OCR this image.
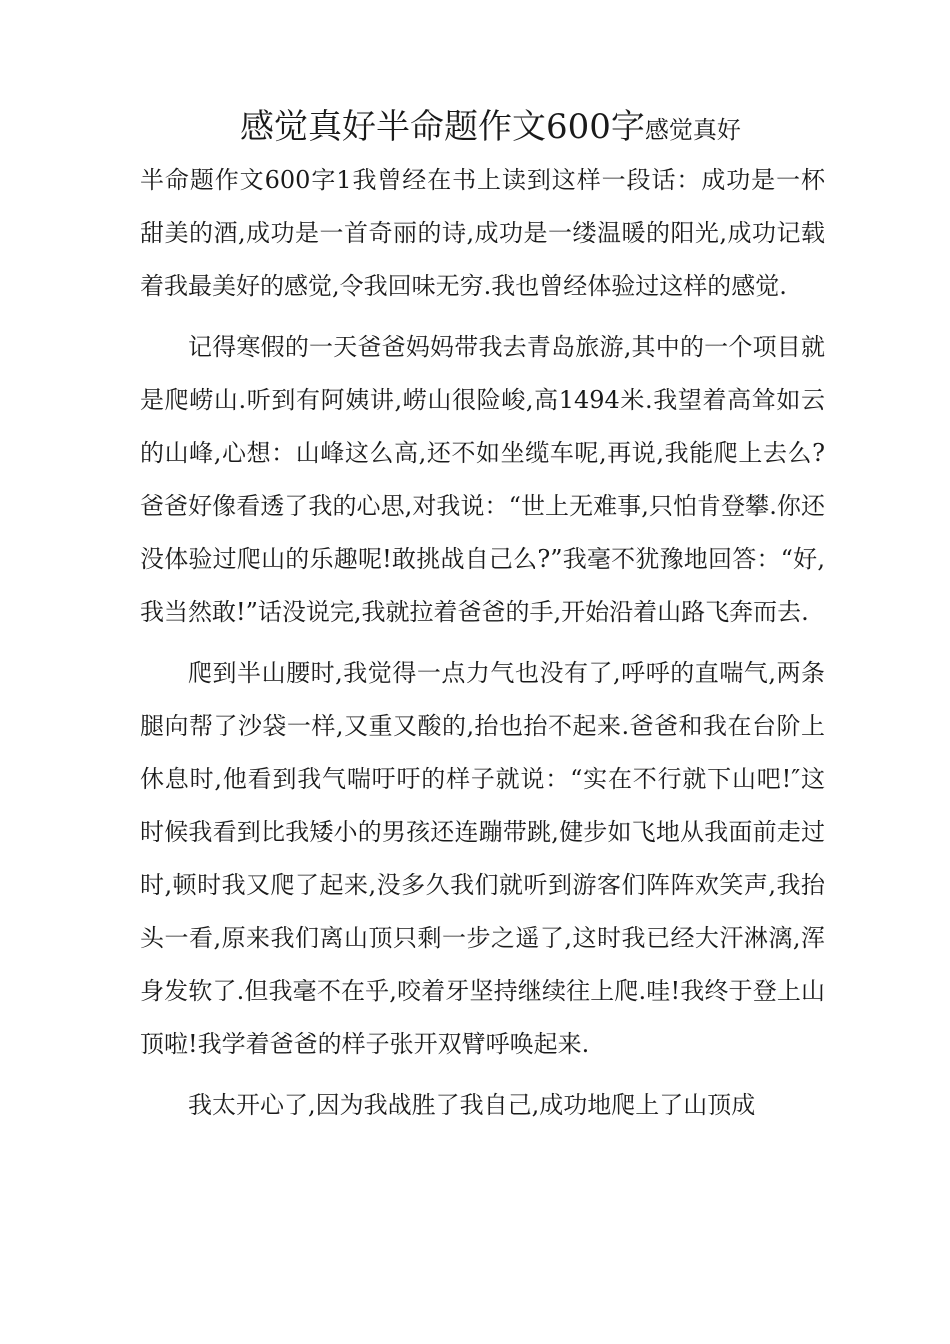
感觉真好半命题作文600字感觉真好

半命题作文600字1我曾经在书上读到这样一段话：成功是一杯甜美的酒,成功是一首奇丽的诗,成功是一缕温暖的阳光,成功记载着我最美好的感觉,令我回味无穷.我也曾经体验过这样的感觉.

记得寒假的一天爸爸妈妈带我去青岛旅游,其中的一个项目就是爬崂山.听到有阿姨讲,崂山很险峻,高1494米.我望着高耸如云的山峰,心想：山峰这么高,还不如坐缆车呢,再说,我能爬上去么?爸爸好像看透了我的心思,对我说：“世上无难事,只怕肯登攀.你还没体验过爬山的乐趣呢!敢挑战自己么?”我毫不犹豫地回答：“好,我当然敢!”话没说完,我就拉着爸爸的手,开始沿着山路飞奔而去.

爬到半山腰时,我觉得一点力气也没有了,呼呼的直喘气,两条腿向帮了沙袋一样,又重又酸的,抬也抬不起来.爸爸和我在台阶上休息时,他看到我气喘吁吁的样子就说：“实在不行就下山吧!″这时候我看到比我矮小的男孩还连蹦带跳,健步如飞地从我面前走过时,顿时我又爬了起来,没多久我们就听到游客们阵阵欢笑声,我抬头一看,原来我们离山顶只剩一步之遥了,这时我已经大汗淋漓,浑身发软了.但我毫不在乎,咬着牙坚持继续往上爬.哇!我终于登上山顶啦!我学着爸爸的样子张开双臂呼唤起来.

我太开心了,因为我战胜了我自己,成功地爬上了山顶成
